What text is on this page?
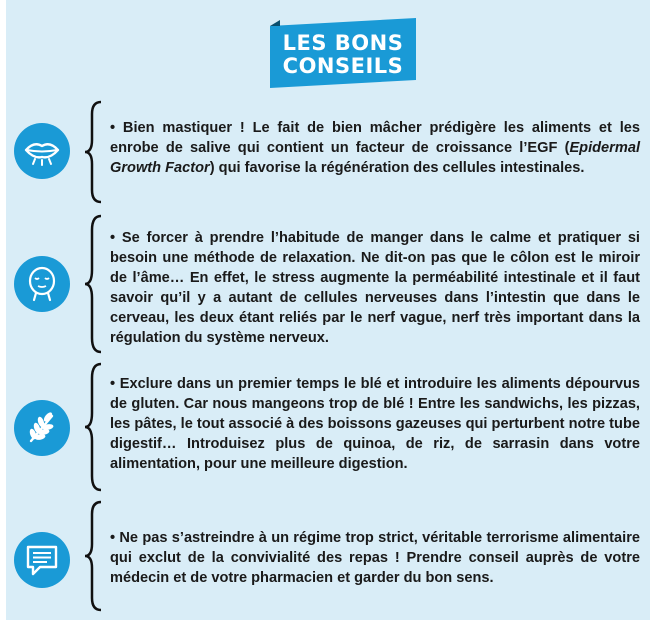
LES BONS
CONSEILS
• Bien mastiquer ! Le fait de bien mâcher prédigère les aliments et les enrobe de salive qui contient un facteur de croissance l’EGF (Epidermal Growth Factor) qui favorise la régénération des cellules intestinales.
• Se forcer à prendre l’habitude de manger dans le calme et pratiquer si besoin une méthode de relaxation. Ne dit-on pas que le côlon est le miroir de l’âme… En effet, le stress augmente la perméabilité intestinale et il faut savoir qu’il y a autant de cellules nerveuses dans l’intestin que dans le cerveau, les deux étant reliés par le nerf vague, nerf très important dans la régulation du système nerveux.
• Exclure dans un premier temps le blé et introduire les aliments dépourvus de gluten. Car nous mangeons trop de blé ! Entre les sandwichs, les pizzas, les pâtes, le tout associé à des boissons gazeuses qui perturbent notre tube digestif… Introduisez plus de quinoa, de riz, de sarrasin dans votre alimentation, pour une meilleure digestion.
• Ne pas s’astreindre à un régime trop strict, véritable terrorisme alimentaire qui exclut de la convivialité des repas ! Prendre conseil auprès de votre médecin et de votre pharmacien et garder du bon sens.
